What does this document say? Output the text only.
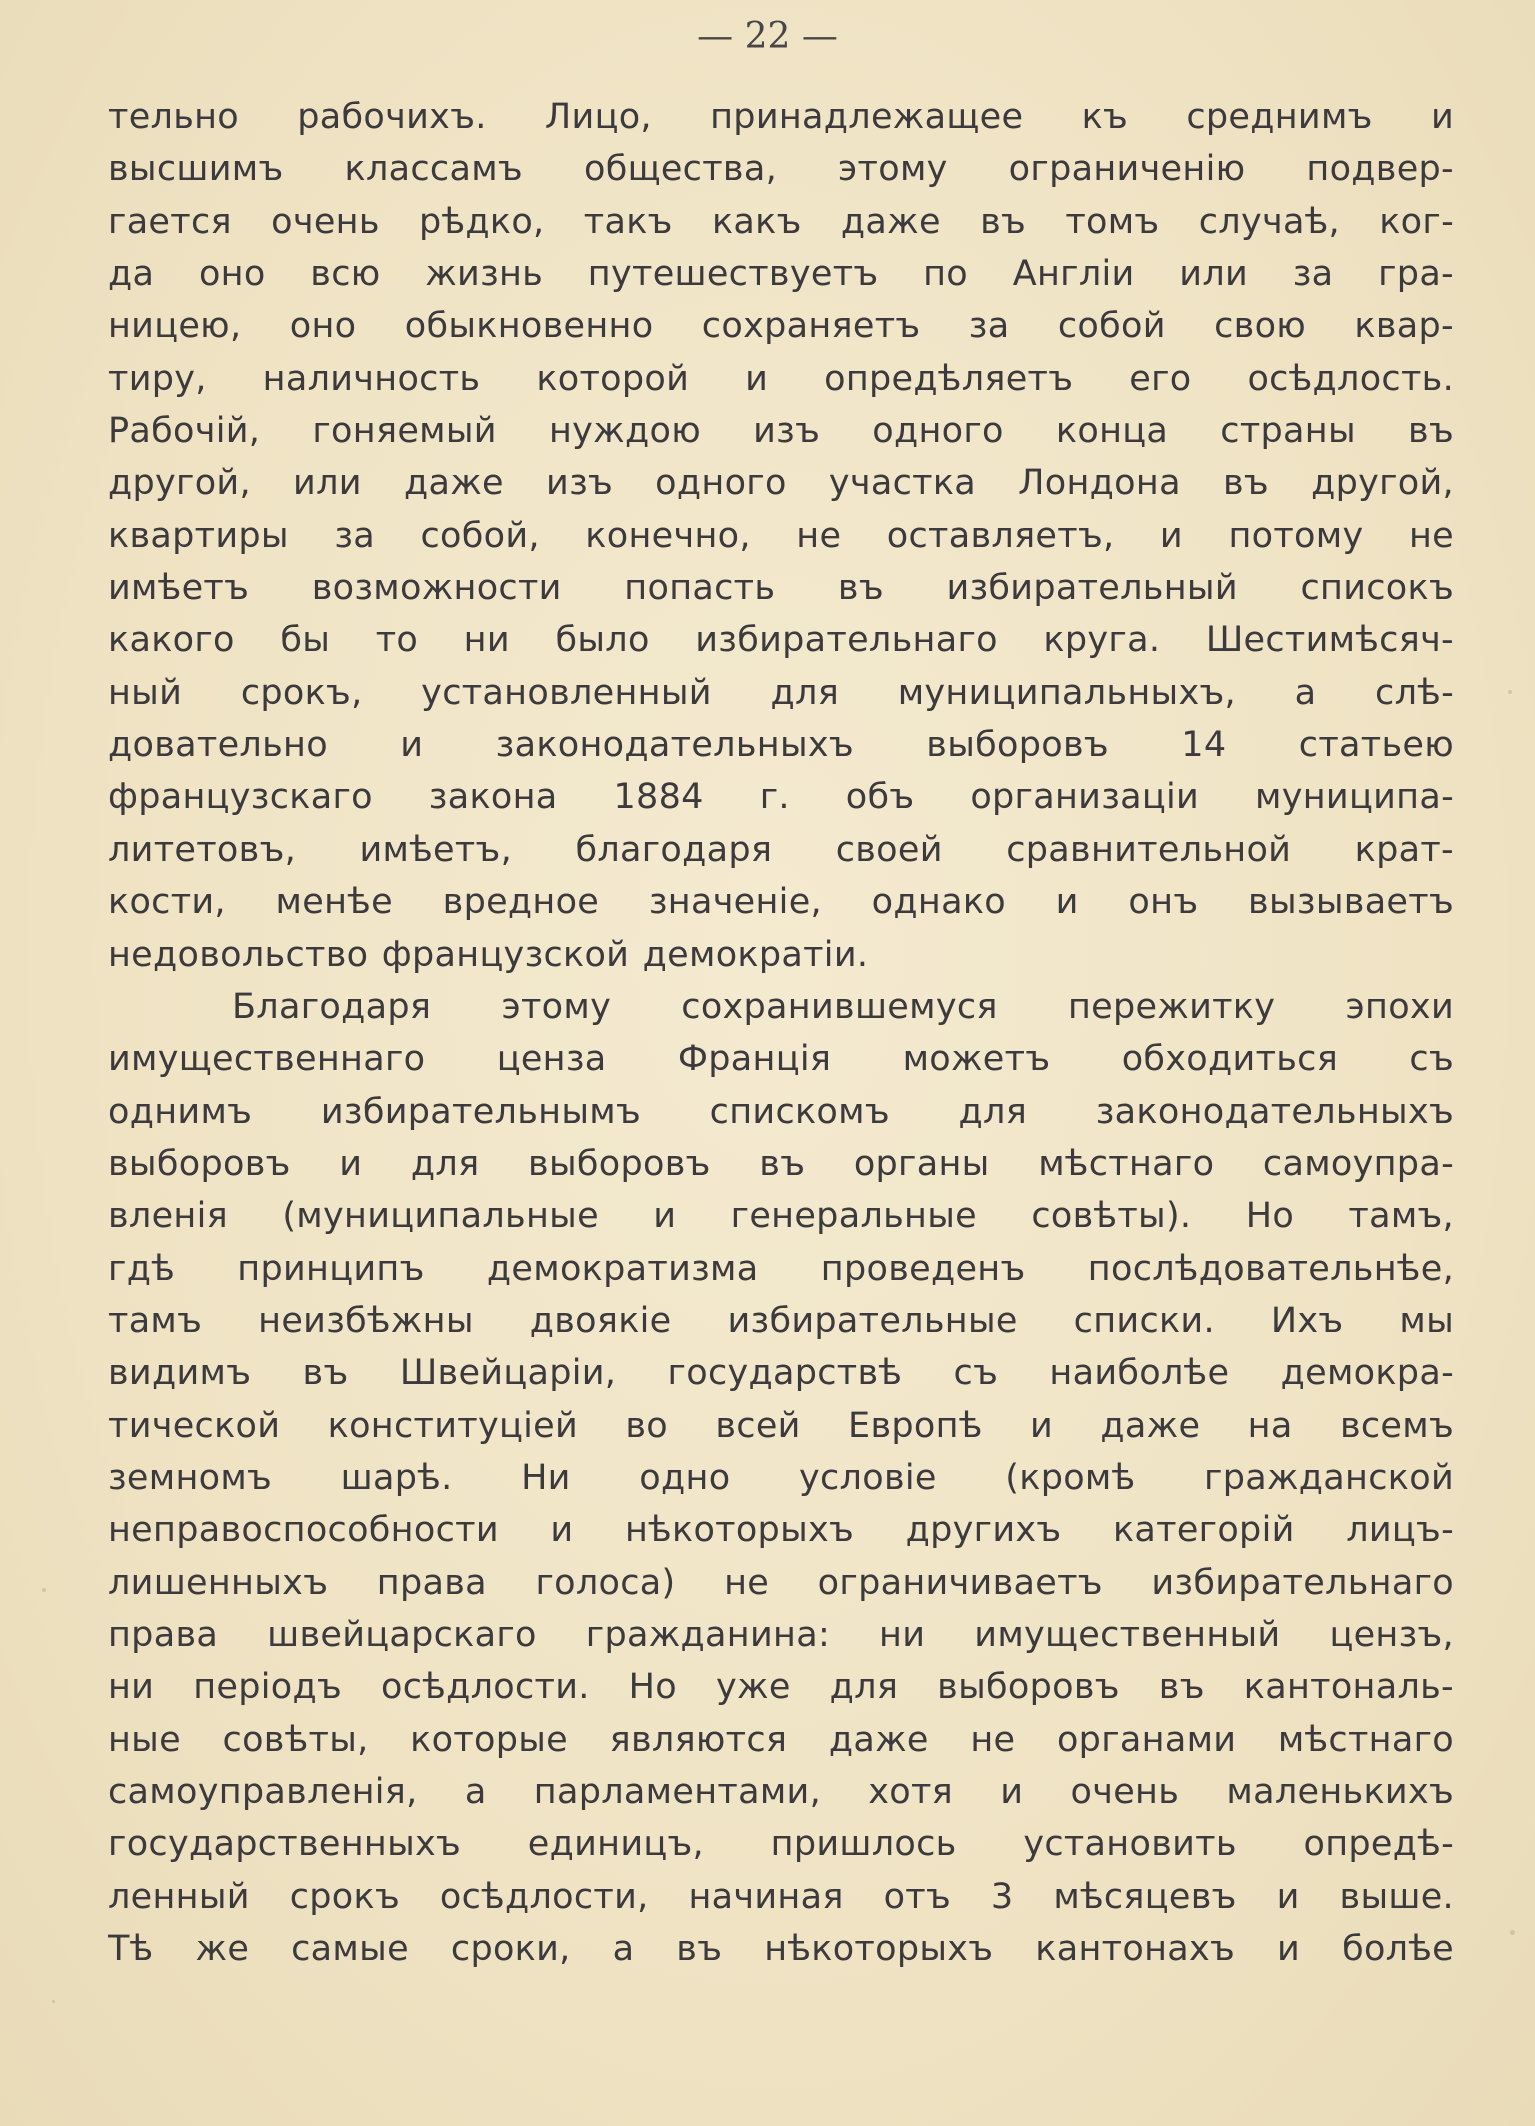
— 22 —
тельно рабочихъ. Лицо, принадлежащее къ среднимъ и
высшимъ классамъ общества, этому ограниченію подвер-
гается очень рѣдко, такъ какъ даже въ томъ случаѣ, ког-
да оно всю жизнь путешествуетъ по Англіи или за гра-
ницею, оно обыкновенно сохраняетъ за собой свою квар-
тиру, наличность которой и опредѣляетъ его осѣдлость.
Рабочій, гоняемый нуждою изъ одного конца страны въ
другой, или даже изъ одного участка Лондона въ другой,
квартиры за собой, конечно, не оставляетъ, и потому не
имѣетъ возможности попасть въ избирательный списокъ
какого бы то ни было избирательнаго круга. Шестимѣсяч-
ный срокъ, установленный для муниципальныхъ, а слѣ-
довательно и законодательныхъ выборовъ 14 статьею
французскаго закона 1884 г. объ организаціи муниципа-
литетовъ, имѣетъ, благодаря своей сравнительной крат-
кости, менѣе вредное значеніе, однако и онъ вызываетъ
недовольство французской демократіи.
Благодаря этому сохранившемуся пережитку эпохи
имущественнаго ценза Франція можетъ обходиться съ
однимъ избирательнымъ спискомъ для законодательныхъ
выборовъ и для выборовъ въ органы мѣстнаго самоупра-
вленія (муниципальные и генеральные совѣты). Но тамъ,
гдѣ принципъ демократизма проведенъ послѣдовательнѣе,
тамъ неизбѣжны двоякіе избирательные списки. Ихъ мы
видимъ въ Швейцаріи, государствѣ съ наиболѣе демокра-
тической конституціей во всей Европѣ и даже на всемъ
земномъ шарѣ. Ни одно условіе (кромѣ гражданской
неправоспособности и нѣкоторыхъ другихъ категорій лицъ-
лишенныхъ права голоса) не ограничиваетъ избирательнаго
права швейцарскаго гражданина: ни имущественный цензъ,
ни періодъ осѣдлости. Но уже для выборовъ въ кантональ-
ные совѣты, которые являются даже не органами мѣстнаго
самоуправленія, а парламентами, хотя и очень маленькихъ
государственныхъ единицъ, пришлось установить опредѣ-
ленный срокъ осѣдлости, начиная отъ 3 мѣсяцевъ и выше.
Тѣ же самые сроки, а въ нѣкоторыхъ кантонахъ и болѣе
